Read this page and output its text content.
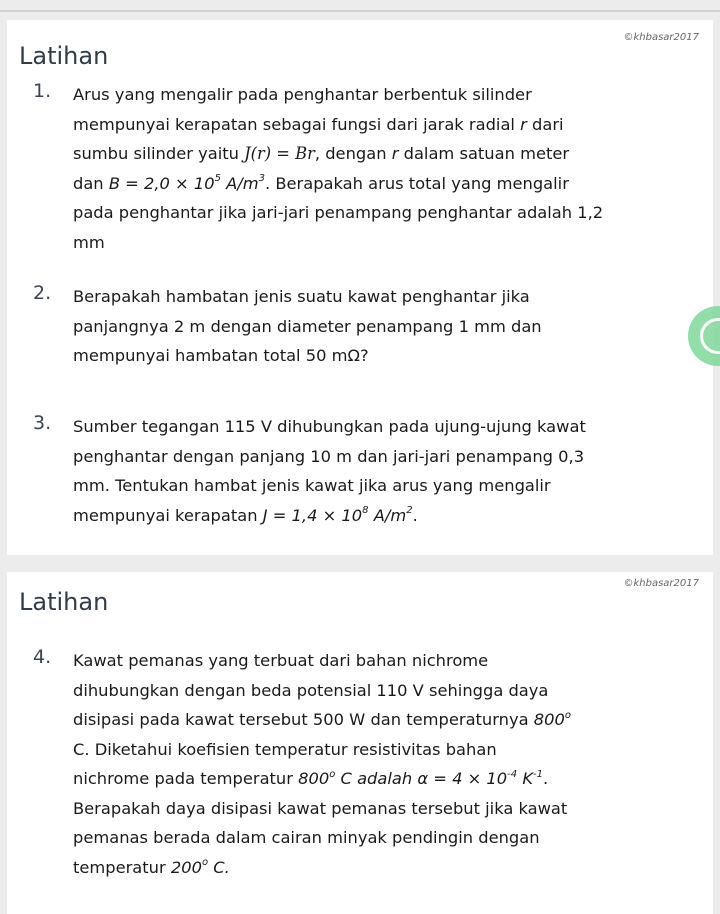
©khbasar2017
Latihan
1. Arus yang mengalir pada penghantar berbentuk silinder
mempunyai kerapatan sebagai fungsi dari jarak radial r dari
sumbu silinder yaitu J(r) = Br, dengan r dalam satuan meter
dan $B = 2,0 \times 10^5$ $A/m^3$. Berapakah arus total yang mengalir
pada penghantar jika jari-jari penampang penghantar adalah 1,2
mm
2. Berapakah hambatan jenis suatu kawat penghantar jika
panjangnya 2 m dengan diameter penampang 1 mm dan
mempunyai hambatan total 50 mΩ?
3. Sumber tegangan 115 V dihubungkan pada ujung-ujung kawat
penghantar dengan panjang 10 m dan jari-jari penampang 0,3
mm. Tentukan hambat jenis kawat jika arus yang mengalir
mempunyai kerapatan $J = 1,4 \times 10^8$ $A/m^2$.
©khbasar2017
Latihan
4. Kawat pemanas yang terbuat dari bahan nichrome
dihubungkan dengan beda potensial 110 V sehingga daya
disipasi pada kawat tersebut 500 W dan temperaturnya 800$^o$
C. Diketahui koefisien temperatur resistivitas bahan
nichrome pada temperatur 800$^o$ C adalah $\alpha = 4 \times 10^{-4}$ $K^{-1}$.
Berapakah daya disipasi kawat pemanas tersebut jika kawat
pemanas berada dalam cairan minyak pendingin dengan
temperatur 200$^o$ C.
